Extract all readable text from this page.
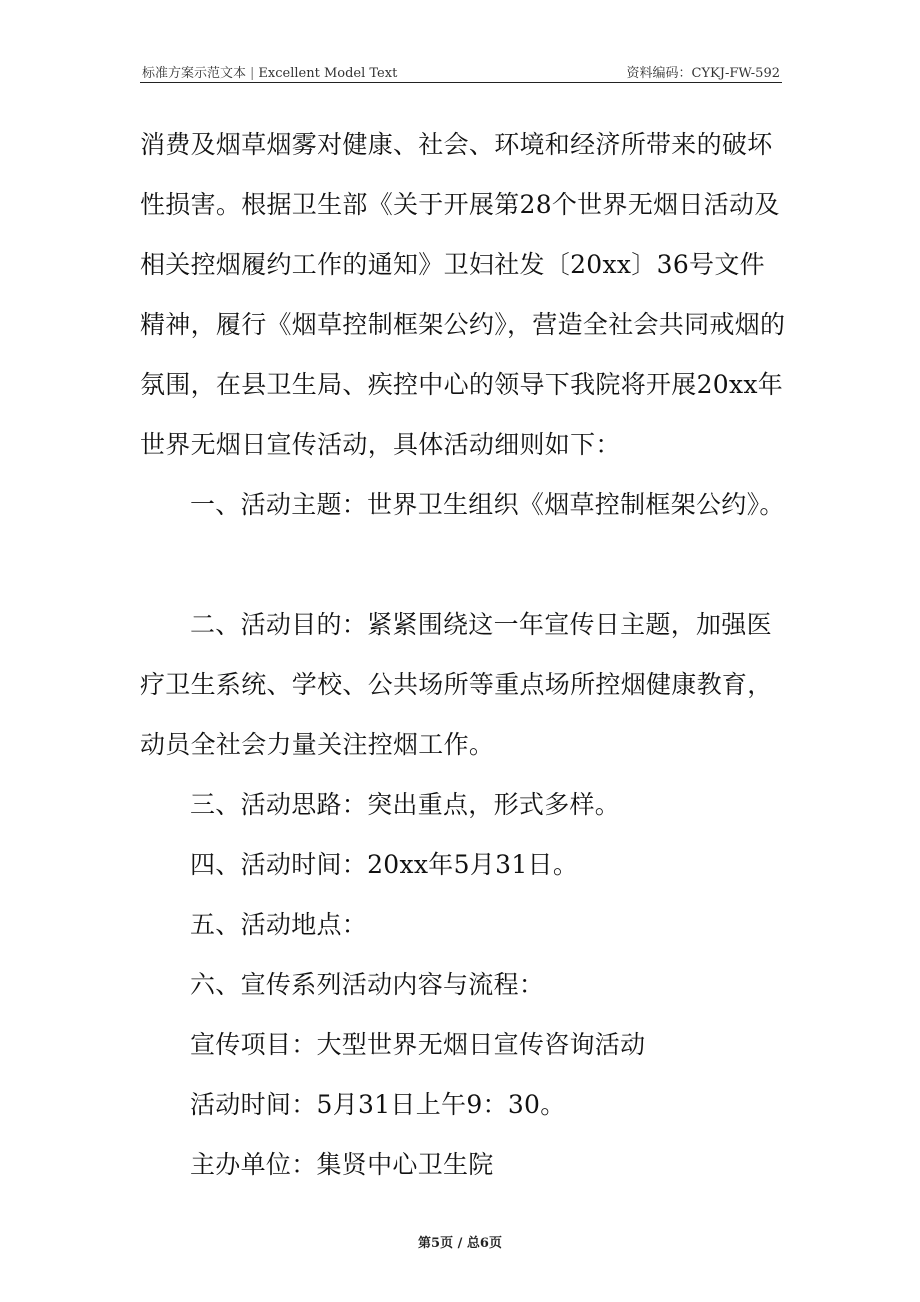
标准方案示范文本 | Excellent Model Text	资料编码：CYKJ-FW-592

消费及烟草烟雾对健康、社会、环境和经济所带来的破坏性损害。根据卫生部《关于开展第28个世界无烟日活动及相关控烟履约工作的通知》卫妇社发〔20xx〕36号文件精神，履行《烟草控制框架公约》，营造全社会共同戒烟的氛围，在县卫生局、疾控中心的领导下我院将开展20xx年世界无烟日宣传活动，具体活动细则如下：

一、活动主题：世界卫生组织《烟草控制框架公约》。

二、活动目的：紧紧围绕这一年宣传日主题，加强医疗卫生系统、学校、公共场所等重点场所控烟健康教育，动员全社会力量关注控烟工作。

三、活动思路：突出重点，形式多样。

四、活动时间：20xx年5月31日。

五、活动地点：

六、宣传系列活动内容与流程：

宣传项目：大型世界无烟日宣传咨询活动

活动时间：5月31日上午9：30。

主办单位：集贤中心卫生院

第5页 / 总6页
